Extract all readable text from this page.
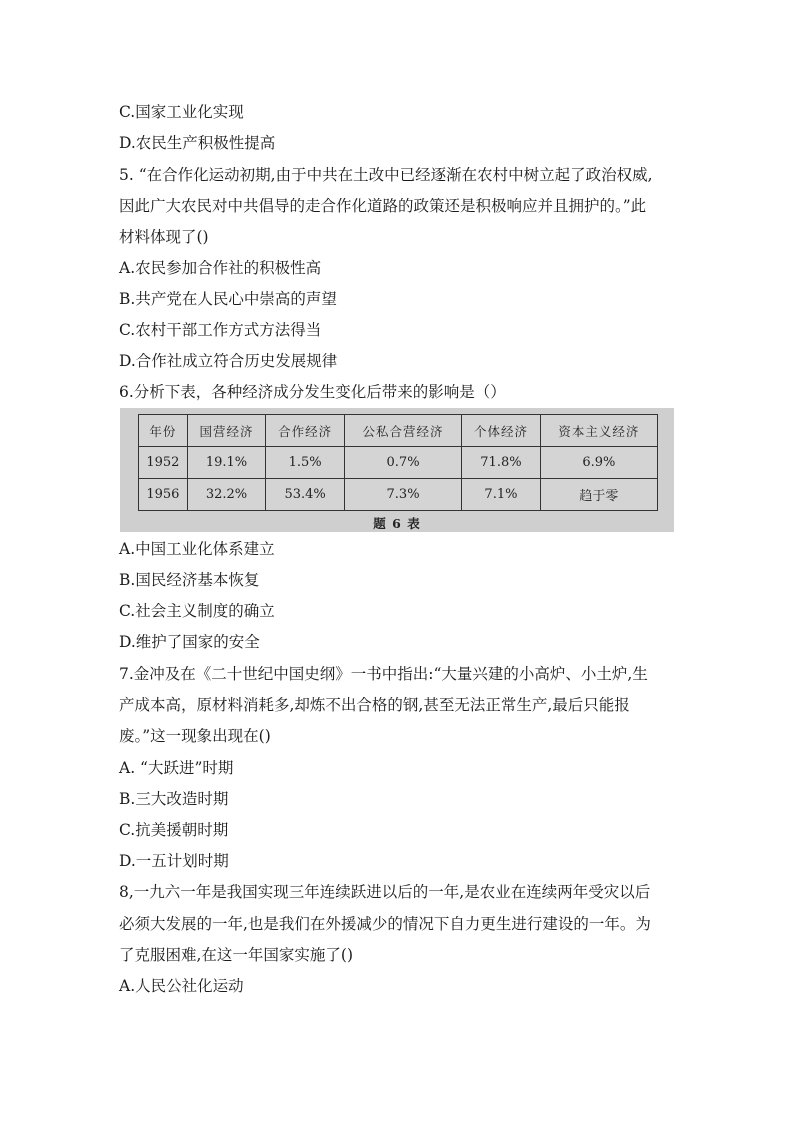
C.国家工业化实现
D.农民生产积极性提高
5. “在合作化运动初期,由于中共在土改中已经逐渐在农村中树立起了政治权威,
因此广大农民对中共倡导的走合作化道路的政策还是积极响应并且拥护的。”此
材料体现了()
A.农民参加合作社的积极性高
B.共产党在人民心中崇高的声望
C.农村干部工作方式方法得当
D.合作社成立符合历史发展规律
6.分析下表，各种经济成分发生变化后带来的影响是（）
年份	国营经济	合作经济	公私合营经济	个体经济	资本主义经济
1952	19.1%	1.5%	0.7%	71.8%	6.9%
1956	32.2%	53.4%	7.3%	7.1%	趋于零
题 6 表
A.中国工业化体系建立
B.国民经济基本恢复
C.社会主义制度的确立
D.维护了国家的安全
7.金冲及在《二十世纪中国史纲》一书中指出:“大量兴建的小高炉、小土炉,生
产成本高，原材料消耗多,却炼不出合格的钢,甚至无法正常生产,最后只能报
废。”这一现象出现在()
A. “大跃进”时期
B.三大改造时期
C.抗美援朝时期
D.一五计划时期
8,一九六一年是我国实现三年连续跃进以后的一年,是农业在连续两年受灾以后
必须大发展的一年,也是我们在外援减少的情况下自力更生进行建设的一年。为
了克服困难,在这一年国家实施了()
A.人民公社化运动
